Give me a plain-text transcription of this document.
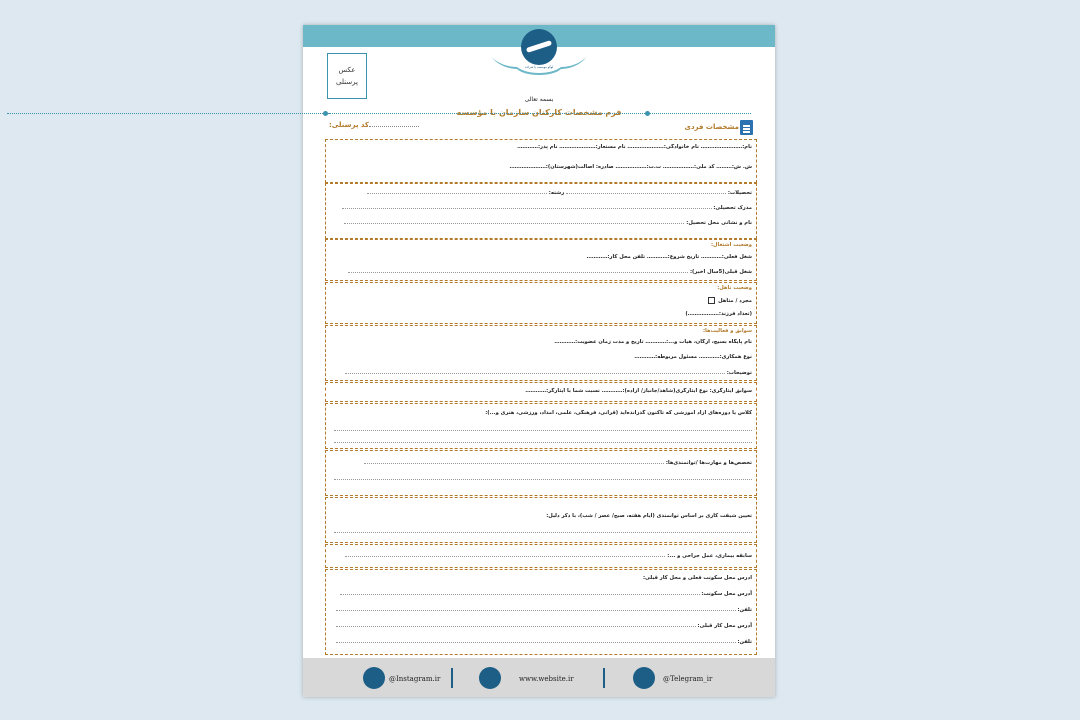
لوگو موسسه یا شرکت
عکس
پرسنلی
بسمه تعالی
فرم مشخصات کارکنان سازمان با مؤسسه
مشخصات فردی
کد پرسنلی:
نام:…………………… نام خانوادگی:………………… نام مستعار:………………… نام پدر:…………
ش. ش:……… کد ملی:……………… ت.ت:……………… صادره: اصالت(شهرستان):…………………
تحصیلات:  رشته:
مدرک تحصیلی:
نام و نشانی محل تحصیل:
وضعیت اشتغال:
شغل فعلی:………… تاریخ شروع:………… تلفن محل کار:…………
شغل قبلی(5سال اخیر):
وضعیت تأهل:
مجرد / متاهل
(تعداد فرزند:………………)
سوابق و فعالیت‌ها:
نام پایگاه بسیج، ارگان، هیات و...:………… تاریخ و مدت زمان عضویت:…………
نوع همکاری:………… مسئول مربوطه:…………
توضیحات:
سوابق ایثارگری: نوع ایثارگری(شاهد/جانباز/ آزاده):………… نسبت شما با ایثارگر:…………
کلاس یا دوره‌های آزاد آموزشی که تاکنون گذرانده‌اید (قرآنی، فرهنگی، علمی، امداد، ورزشی، هنری و...):
تخصص‌ها و مهارت‌ها /توانمندی‌ها:
تعیین شیفت کاری بر اساس توانمندی (ایام هفته، صبح/ عصر / شب)، با ذکر دلیل:
سابقه بیماری، عمل جراحی و ...:
آدرس محل سکونت فعلی و محل کار قبلی:
آدرس محل سکونت:
تلفن:
آدرس محل کار قبلی:
تلفن:
@Instagram.ir	www.website.ir	@Telegram_ir
